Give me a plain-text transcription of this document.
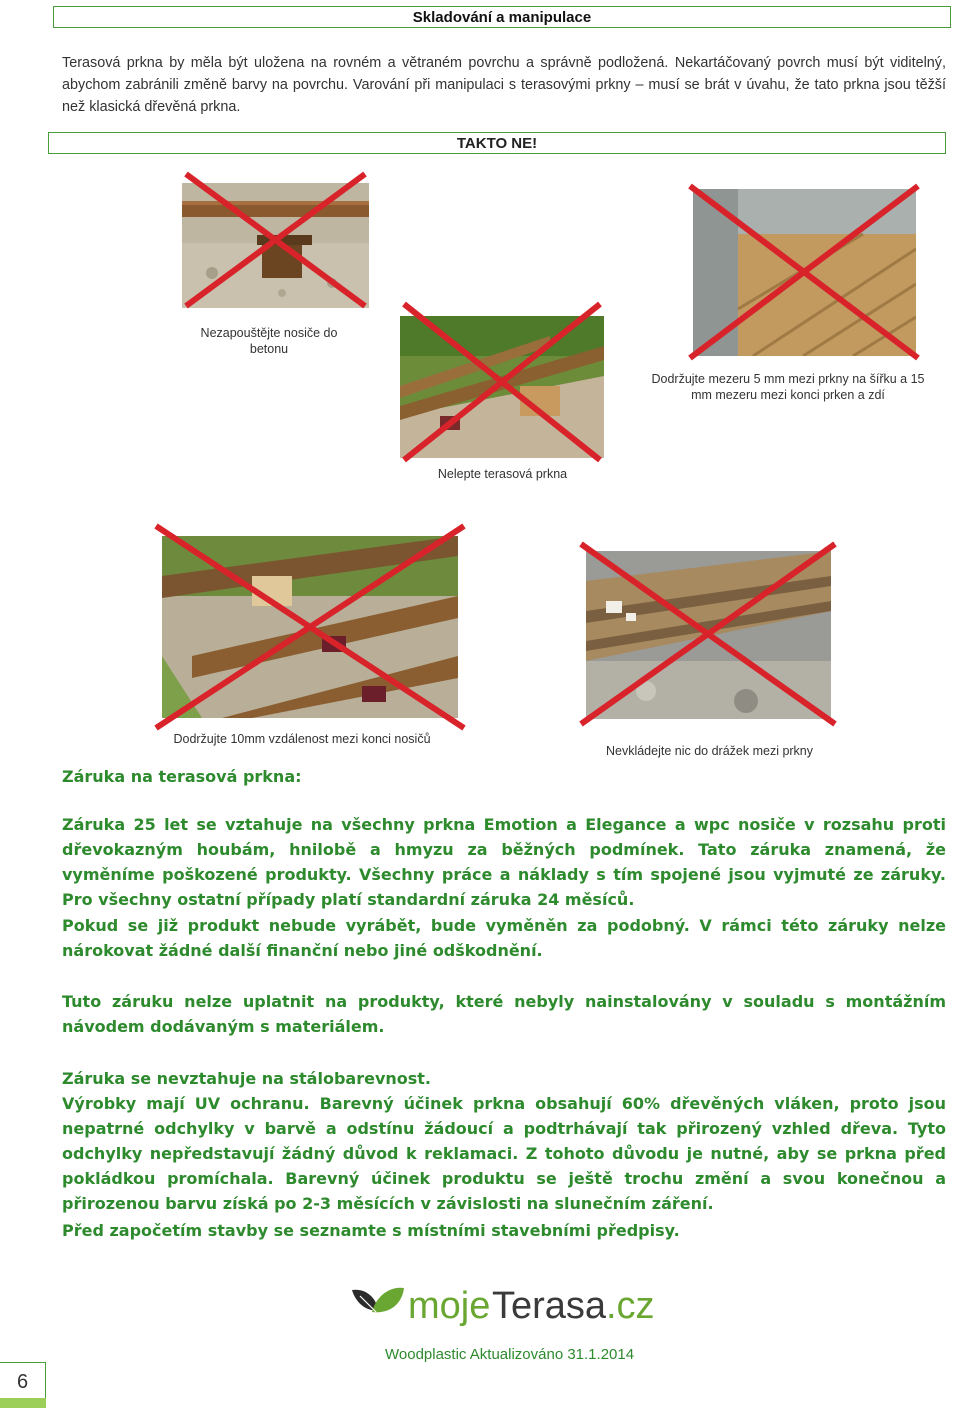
Skladování a manipulace
Terasová prkna by měla být uložena na rovném a větraném povrchu a správně podložená. Nekartáčovaný povrch musí být viditelný, abychom zabránili změně barvy na povrchu. Varování při manipulaci s terasovými prkny – musí se brát v úvahu, že tato prkna jsou těžší než klasická dřevěná prkna.
TAKTO NE!
Nezapouštějte nosiče do betonu
Nelepte terasová prkna
Dodržujte mezeru 5 mm mezi prkny na šířku a 15 mm mezeru mezi konci prken a zdí
Dodržujte 10mm vzdálenost mezi konci nosičů
Nevkládejte nic do drážek mezi prkny
Záruka na terasová prkna:
Záruka 25 let se vztahuje na všechny prkna Emotion a Elegance a wpc nosiče v rozsahu proti dřevokazným houbám, hnilobě a hmyzu za běžných podmínek. Tato záruka znamená, že vyměníme poškozené produkty. Všechny práce a náklady s tím spojené jsou vyjmuté ze záruky. Pro všechny ostatní případy platí standardní záruka 24 měsíců.
Pokud se již produkt nebude vyrábět, bude vyměněn za podobný. V rámci této záruky nelze nárokovat žádné další finanční nebo jiné odškodnění.
Tuto záruku nelze uplatnit na produkty, které nebyly nainstalovány v souladu s montážním návodem dodávaným s materiálem.
Záruka se nevztahuje na stálobarevnost.
Výrobky mají UV ochranu. Barevný účinek prkna obsahují 60% dřevěných vláken, proto jsou nepatrné odchylky v barvě a odstínu žádoucí a podtrhávají tak přirozený vzhled dřeva. Tyto odchylky nepředstavují žádný důvod k reklamaci. Z tohoto důvodu je nutné, aby se prkna před pokládkou promíchala. Barevný účinek produktu se ještě trochu změní a svou konečnou a přirozenou barvu získá po 2-3 měsících v závislosti na slunečním záření.
Před započetím stavby se seznamte s místními stavebními předpisy.
moje Terasa .cz
Woodplastic Aktualizováno 31.1.2014
6
